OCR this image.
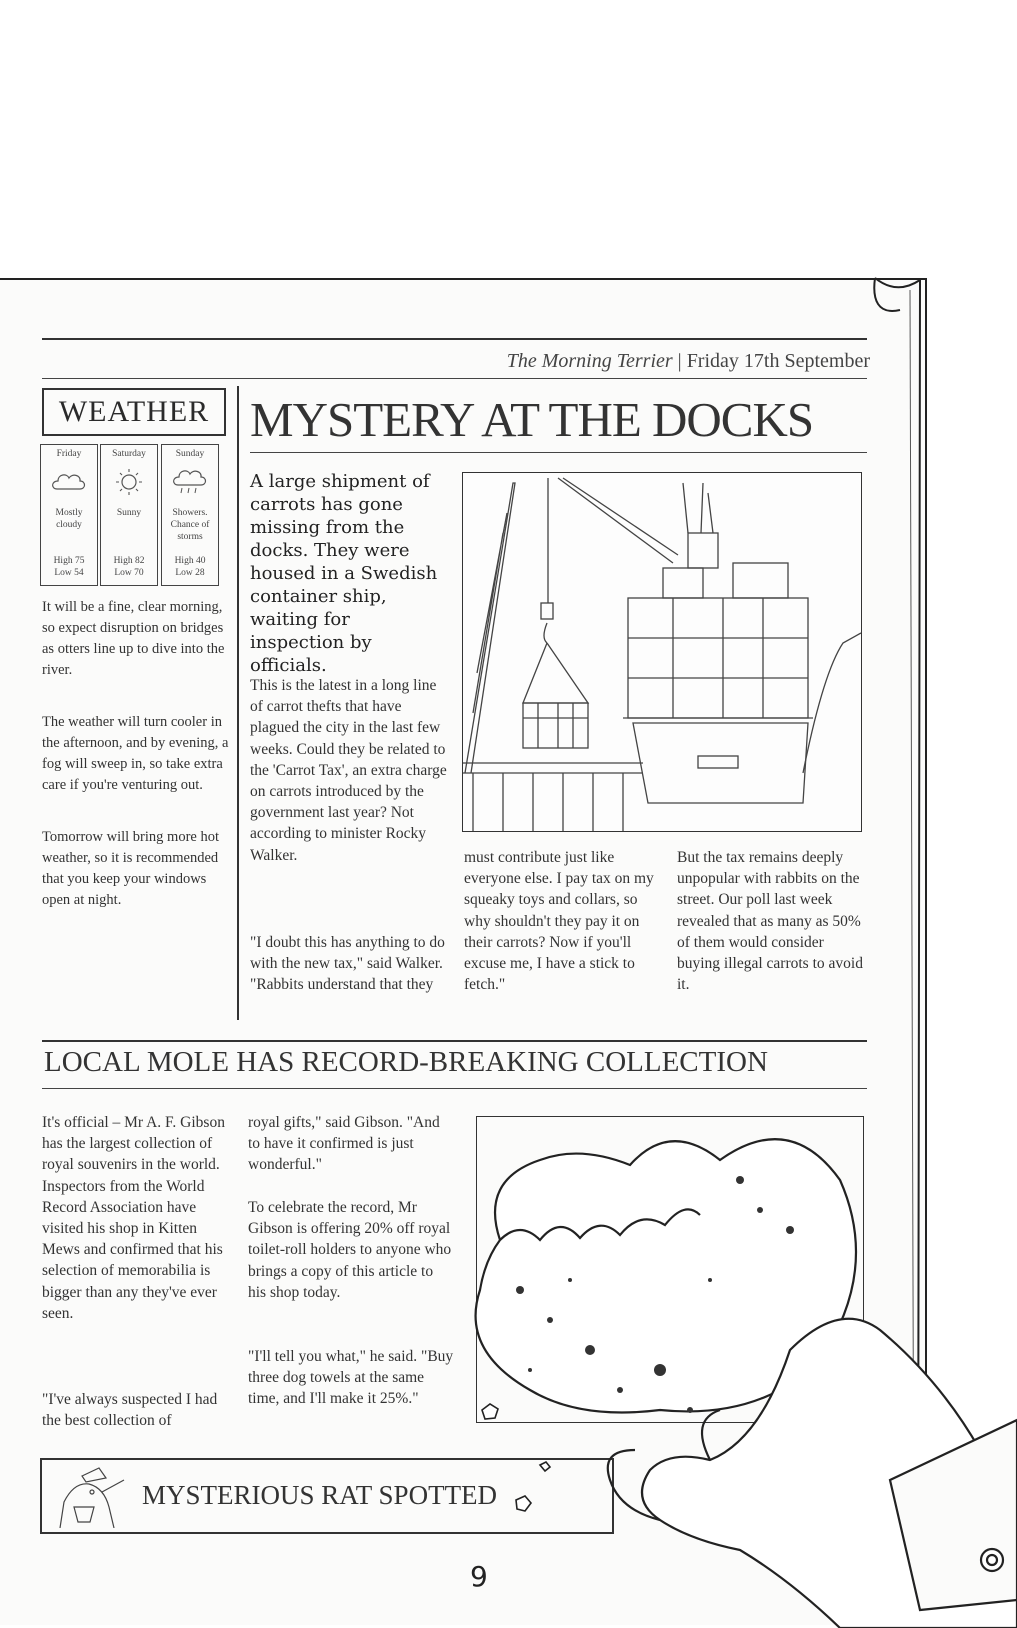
The Morning Terrier | Friday 17th September
WEATHER
Friday
Mostly cloudy
High 75
Low 54
Saturday
Sunny
High 82
Low 70
Sunday
Showers. Chance of storms
High 40
Low 28
It will be a fine, clear morning, so expect disruption on bridges as otters line up to dive into the river.
The weather will turn cooler in the afternoon, and by evening, a fog will sweep in, so take extra care if you're venturing out.
Tomorrow will bring more hot weather, so it is recommended that you keep your windows open at night.
MYSTERY AT THE DOCKS
A large shipment of carrots has gone missing from the docks. They were housed in a Swedish container ship, waiting for inspection by officials.
This is the latest in a long line of carrot thefts that have plagued the city in the last few weeks. Could they be related to the 'Carrot Tax', an extra charge on carrots introduced by the government last year? Not according to minister Rocky Walker.
"I doubt this has anything to do with the new tax," said Walker. "Rabbits understand that they
must contribute just like everyone else. I pay tax on my squeaky toys and collars, so why shouldn't they pay it on their carrots? Now if you'll excuse me, I have a stick to fetch."
But the tax remains deeply unpopular with rabbits on the street. Our poll last week revealed that as many as 50% of them would consider buying illegal carrots to avoid it.
LOCAL MOLE HAS RECORD-BREAKING COLLECTION
It's official – Mr A. F. Gibson has the largest collection of royal souvenirs in the world. Inspectors from the World Record Association have visited his shop in Kitten Mews and confirmed that his selection of memorabilia is bigger than any they've ever seen.
"I've always suspected I had the best collection of
royal gifts," said Gibson. "And to have it confirmed is just wonderful."
To celebrate the record, Mr Gibson is offering 20% off royal toilet-roll holders to anyone who brings a copy of this article to his shop today.
"I'll tell you what," he said. "Buy three dog towels at the same time, and I'll make it 25%."
MYSTERIOUS RAT SPOTTED
9
